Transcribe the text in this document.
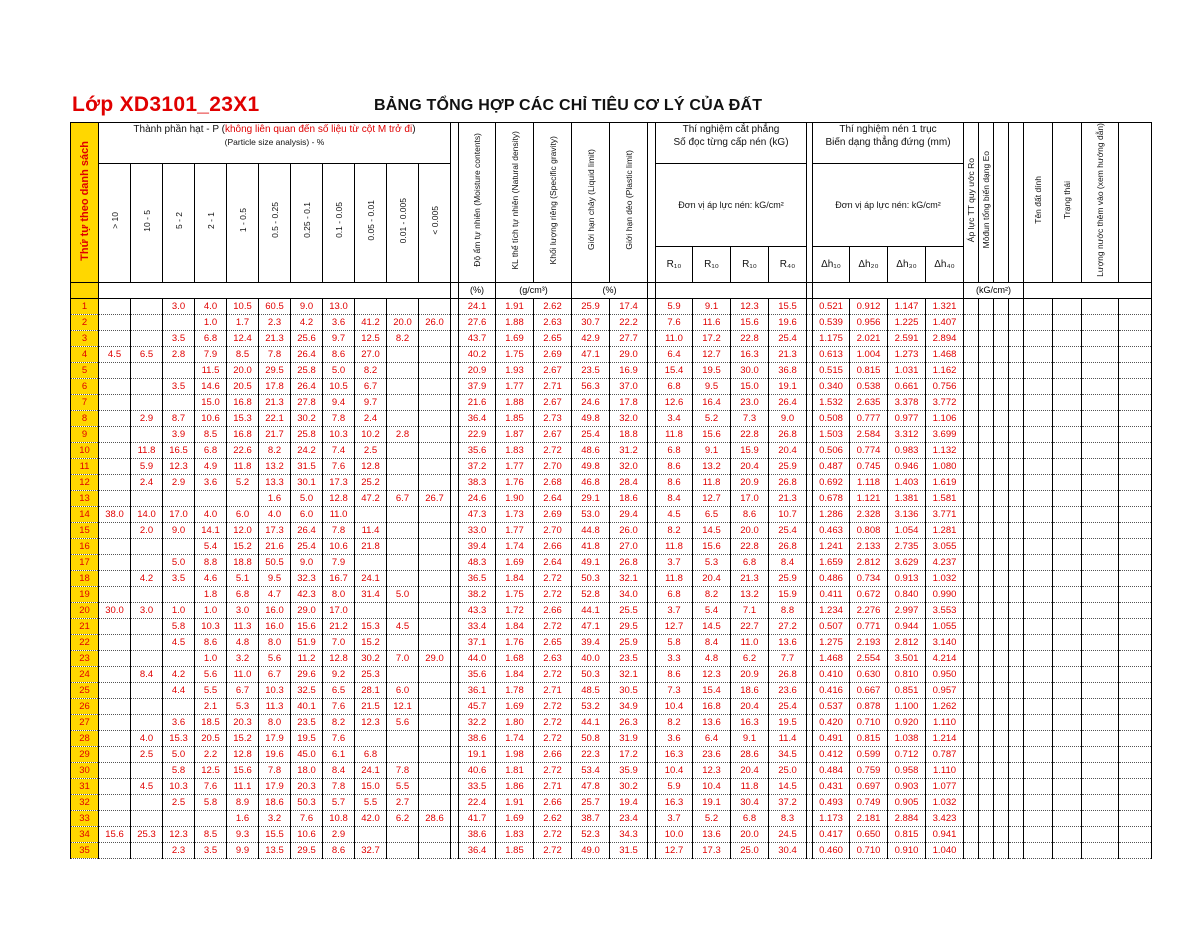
Lớp XD3101_23X1	BẢNG TỔNG HỢP CÁC CHỈ TIÊU CƠ LÝ CỦA ĐẤT
Thứ tự theo danh sách	Thành phần hạt - P (không liên quan đến số liệu từ cột M trở đi)
(Particle size analysis) - %												Độ ẩm tự nhiên (Moisture contents)	KL thể tích tự nhiên (Natural density)	Khối lượng riêng (Specific gravity)	Giới hạn chảy (Liquid limit)	Giới hạn dẻo (Plastic limit)		Thí nghiệm cắt phẳng
Số đọc từng cấp nén (kG)					Thí nghiệm nén 1 trục
Biến dạng thẳng đứng (mm)				Áp lực TT quy ước Ro	Môđun tổng biến dạng Eo			Tên đất dính	Trạng thái	Lượng nước thêm vào (xem hướng dẫn)	
	> 10	10 - 5	5 - 2	2 - 1	1 - 0.5	0.5 - 0.25	0.25 - 0.1	0.1 - 0.05	0.05 - 0.01	0.01 - 0.005	< 0.005								Đơn vị áp lực nén: kG/cm²					Đơn vị áp lực nén: kG/cm²											
																			R₁₀	R₁₀	R₁₀	R₄₀		Δh₁₀	Δh₂₀	Δh₃₀	Δh₄₀								
													(%)	(g/cm³)		(%)												(kG/cm²)							
1			3.0	4.0	10.5	60.5	9.0	13.0					24.1	1.91	2.62	25.9	17.4		5.9	9.1	12.3	15.5		0.521	0.912	1.147	1.321								
2				1.0	1.7	2.3	4.2	3.6	41.2	20.0	26.0		27.6	1.88	2.63	30.7	22.2		7.6	11.6	15.6	19.6		0.539	0.956	1.225	1.407								
3			3.5	6.8	12.4	21.3	25.6	9.7	12.5	8.2			43.7	1.69	2.65	42.9	27.7		11.0	17.2	22.8	25.4		1.175	2.021	2.591	2.894								
4	4.5	6.5	2.8	7.9	8.5	7.8	26.4	8.6	27.0				40.2	1.75	2.69	47.1	29.0		6.4	12.7	16.3	21.3		0.613	1.004	1.273	1.468								
5				11.5	20.0	29.5	25.8	5.0	8.2				20.9	1.93	2.67	23.5	16.9		15.4	19.5	30.0	36.8		0.515	0.815	1.031	1.162								
6			3.5	14.6	20.5	17.8	26.4	10.5	6.7				37.9	1.77	2.71	56.3	37.0		6.8	9.5	15.0	19.1		0.340	0.538	0.661	0.756								
7				15.0	16.8	21.3	27.8	9.4	9.7				21.6	1.88	2.67	24.6	17.8		12.6	16.4	23.0	26.4		1.532	2.635	3.378	3.772								
8		2.9	8.7	10.6	15.3	22.1	30.2	7.8	2.4				36.4	1.85	2.73	49.8	32.0		3.4	5.2	7.3	9.0		0.508	0.777	0.977	1.106								
9			3.9	8.5	16.8	21.7	25.8	10.3	10.2	2.8			22.9	1.87	2.67	25.4	18.8		11.8	15.6	22.8	26.8		1.503	2.584	3.312	3.699								
10		11.8	16.5	6.8	22.6	8.2	24.2	7.4	2.5				35.6	1.83	2.72	48.6	31.2		6.8	9.1	15.9	20.4		0.506	0.774	0.983	1.132								
11		5.9	12.3	4.9	11.8	13.2	31.5	7.6	12.8				37.2	1.77	2.70	49.8	32.0		8.6	13.2	20.4	25.9		0.487	0.745	0.946	1.080								
12		2.4	2.9	3.6	5.2	13.3	30.1	17.3	25.2				38.3	1.76	2.68	46.8	28.4		8.6	11.8	20.9	26.8		0.692	1.118	1.403	1.619								
13						1.6	5.0	12.8	47.2	6.7	26.7		24.6	1.90	2.64	29.1	18.6		8.4	12.7	17.0	21.3		0.678	1.121	1.381	1.581								
14	38.0	14.0	17.0	4.0	6.0	4.0	6.0	11.0					47.3	1.73	2.69	53.0	29.4		4.5	6.5	8.6	10.7		1.286	2.328	3.136	3.771								
15		2.0	9.0	14.1	12.0	17.3	26.4	7.8	11.4				33.0	1.77	2.70	44.8	26.0		8.2	14.5	20.0	25.4		0.463	0.808	1.054	1.281								
16				5.4	15.2	21.6	25.4	10.6	21.8				39.4	1.74	2.66	41.8	27.0		11.8	15.6	22.8	26.8		1.241	2.133	2.735	3.055								
17			5.0	8.8	18.8	50.5	9.0	7.9					48.3	1.69	2.64	49.1	26.8		3.7	5.3	6.8	8.4		1.659	2.812	3.629	4.237								
18		4.2	3.5	4.6	5.1	9.5	32.3	16.7	24.1				36.5	1.84	2.72	50.3	32.1		11.8	20.4	21.3	25.9		0.486	0.734	0.913	1.032								
19				1.8	6.8	4.7	42.3	8.0	31.4	5.0			38.2	1.75	2.72	52.8	34.0		6.8	8.2	13.2	15.9		0.411	0.672	0.840	0.990								
20	30.0	3.0	1.0	1.0	3.0	16.0	29.0	17.0					43.3	1.72	2.66	44.1	25.5		3.7	5.4	7.1	8.8		1.234	2.276	2.997	3.553								
21			5.8	10.3	11.3	16.0	15.6	21.2	15.3	4.5			33.4	1.84	2.72	47.1	29.5		12.7	14.5	22.7	27.2		0.507	0.771	0.944	1.055								
22			4.5	8.6	4.8	8.0	51.9	7.0	15.2				37.1	1.76	2.65	39.4	25.9		5.8	8.4	11.0	13.6		1.275	2.193	2.812	3.140								
23				1.0	3.2	5.6	11.2	12.8	30.2	7.0	29.0		44.0	1.68	2.63	40.0	23.5		3.3	4.8	6.2	7.7		1.468	2.554	3.501	4.214								
24		8.4	4.2	5.6	11.0	6.7	29.6	9.2	25.3				35.6	1.84	2.72	50.3	32.1		8.6	12.3	20.9	26.8		0.410	0.630	0.810	0.950								
25			4.4	5.5	6.7	10.3	32.5	6.5	28.1	6.0			36.1	1.78	2.71	48.5	30.5		7.3	15.4	18.6	23.6		0.416	0.667	0.851	0.957								
26				2.1	5.3	11.3	40.1	7.6	21.5	12.1			45.7	1.69	2.72	53.2	34.9		10.4	16.8	20.4	25.4		0.537	0.878	1.100	1.262								
27			3.6	18.5	20.3	8.0	23.5	8.2	12.3	5.6			32.2	1.80	2.72	44.1	26.3		8.2	13.6	16.3	19.5		0.420	0.710	0.920	1.110								
28		4.0	15.3	20.5	15.2	17.9	19.5	7.6					38.6	1.74	2.72	50.8	31.9		3.6	6.4	9.1	11.4		0.491	0.815	1.038	1.214								
29		2.5	5.0	2.2	12.8	19.6	45.0	6.1	6.8				19.1	1.98	2.66	22.3	17.2		16.3	23.6	28.6	34.5		0.412	0.599	0.712	0.787								
30			5.8	12.5	15.6	7.8	18.0	8.4	24.1	7.8			40.6	1.81	2.72	53.4	35.9		10.4	12.3	20.4	25.0		0.484	0.759	0.958	1.110								
31		4.5	10.3	7.6	11.1	17.9	20.3	7.8	15.0	5.5			33.5	1.86	2.71	47.8	30.2		5.9	10.4	11.8	14.5		0.431	0.697	0.903	1.077								
32			2.5	5.8	8.9	18.6	50.3	5.7	5.5	2.7			22.4	1.91	2.66	25.7	19.4		16.3	19.1	30.4	37.2		0.493	0.749	0.905	1.032								
33					1.6	3.2	7.6	10.8	42.0	6.2	28.6		41.7	1.69	2.62	38.7	23.4		3.7	5.2	6.8	8.3		1.173	2.181	2.884	3.423								
34	15.6	25.3	12.3	8.5	9.3	15.5	10.6	2.9					38.6	1.83	2.72	52.3	34.3		10.0	13.6	20.0	24.5		0.417	0.650	0.815	0.941								
35			2.3	3.5	9.9	13.5	29.5	8.6	32.7				36.4	1.85	2.72	49.0	31.5		12.7	17.3	25.0	30.4		0.460	0.710	0.910	1.040								
